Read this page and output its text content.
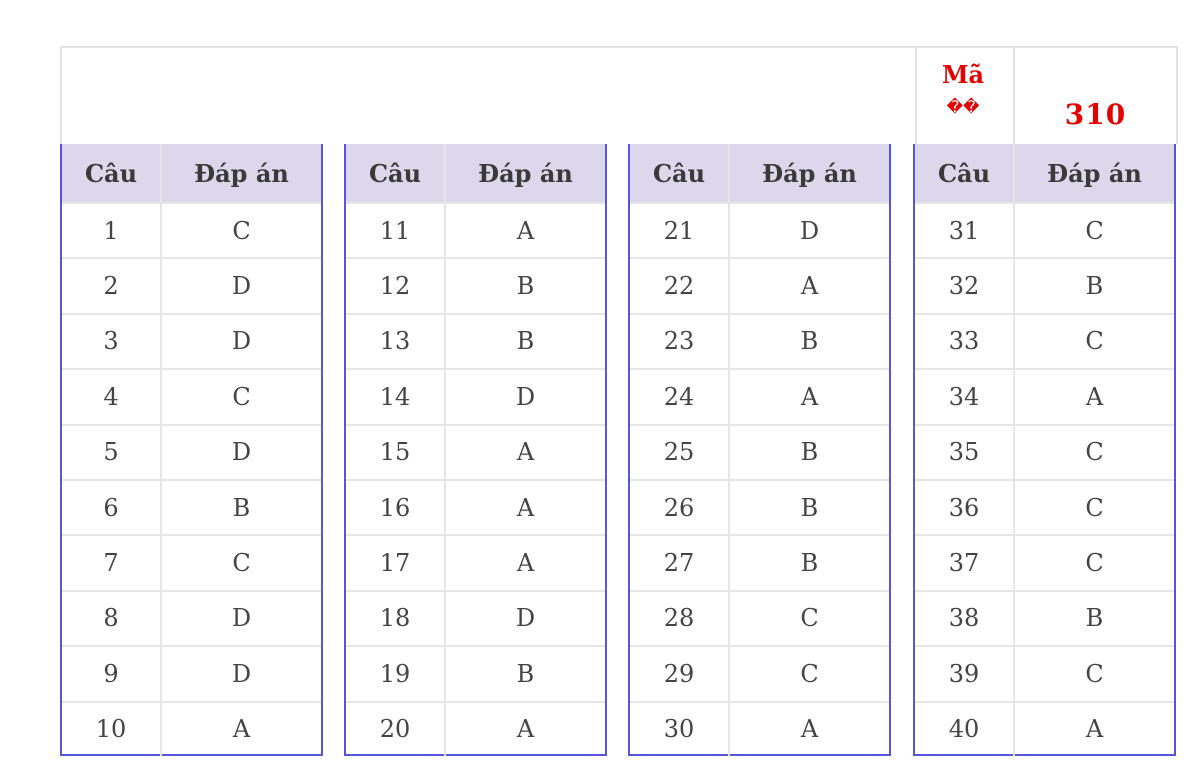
Mã
��	310
Câu	Đáp án
1	C
2	D
3	D
4	C
5	D
6	B
7	C
8	D
9	D
10	A
Câu	Đáp án
11	A
12	B
13	B
14	D
15	A
16	A
17	A
18	D
19	B
20	A
Câu	Đáp án
21	D
22	A
23	B
24	A
25	B
26	B
27	B
28	C
29	C
30	A
Câu	Đáp án
31	C
32	B
33	C
34	A
35	C
36	C
37	C
38	B
39	C
40	A
